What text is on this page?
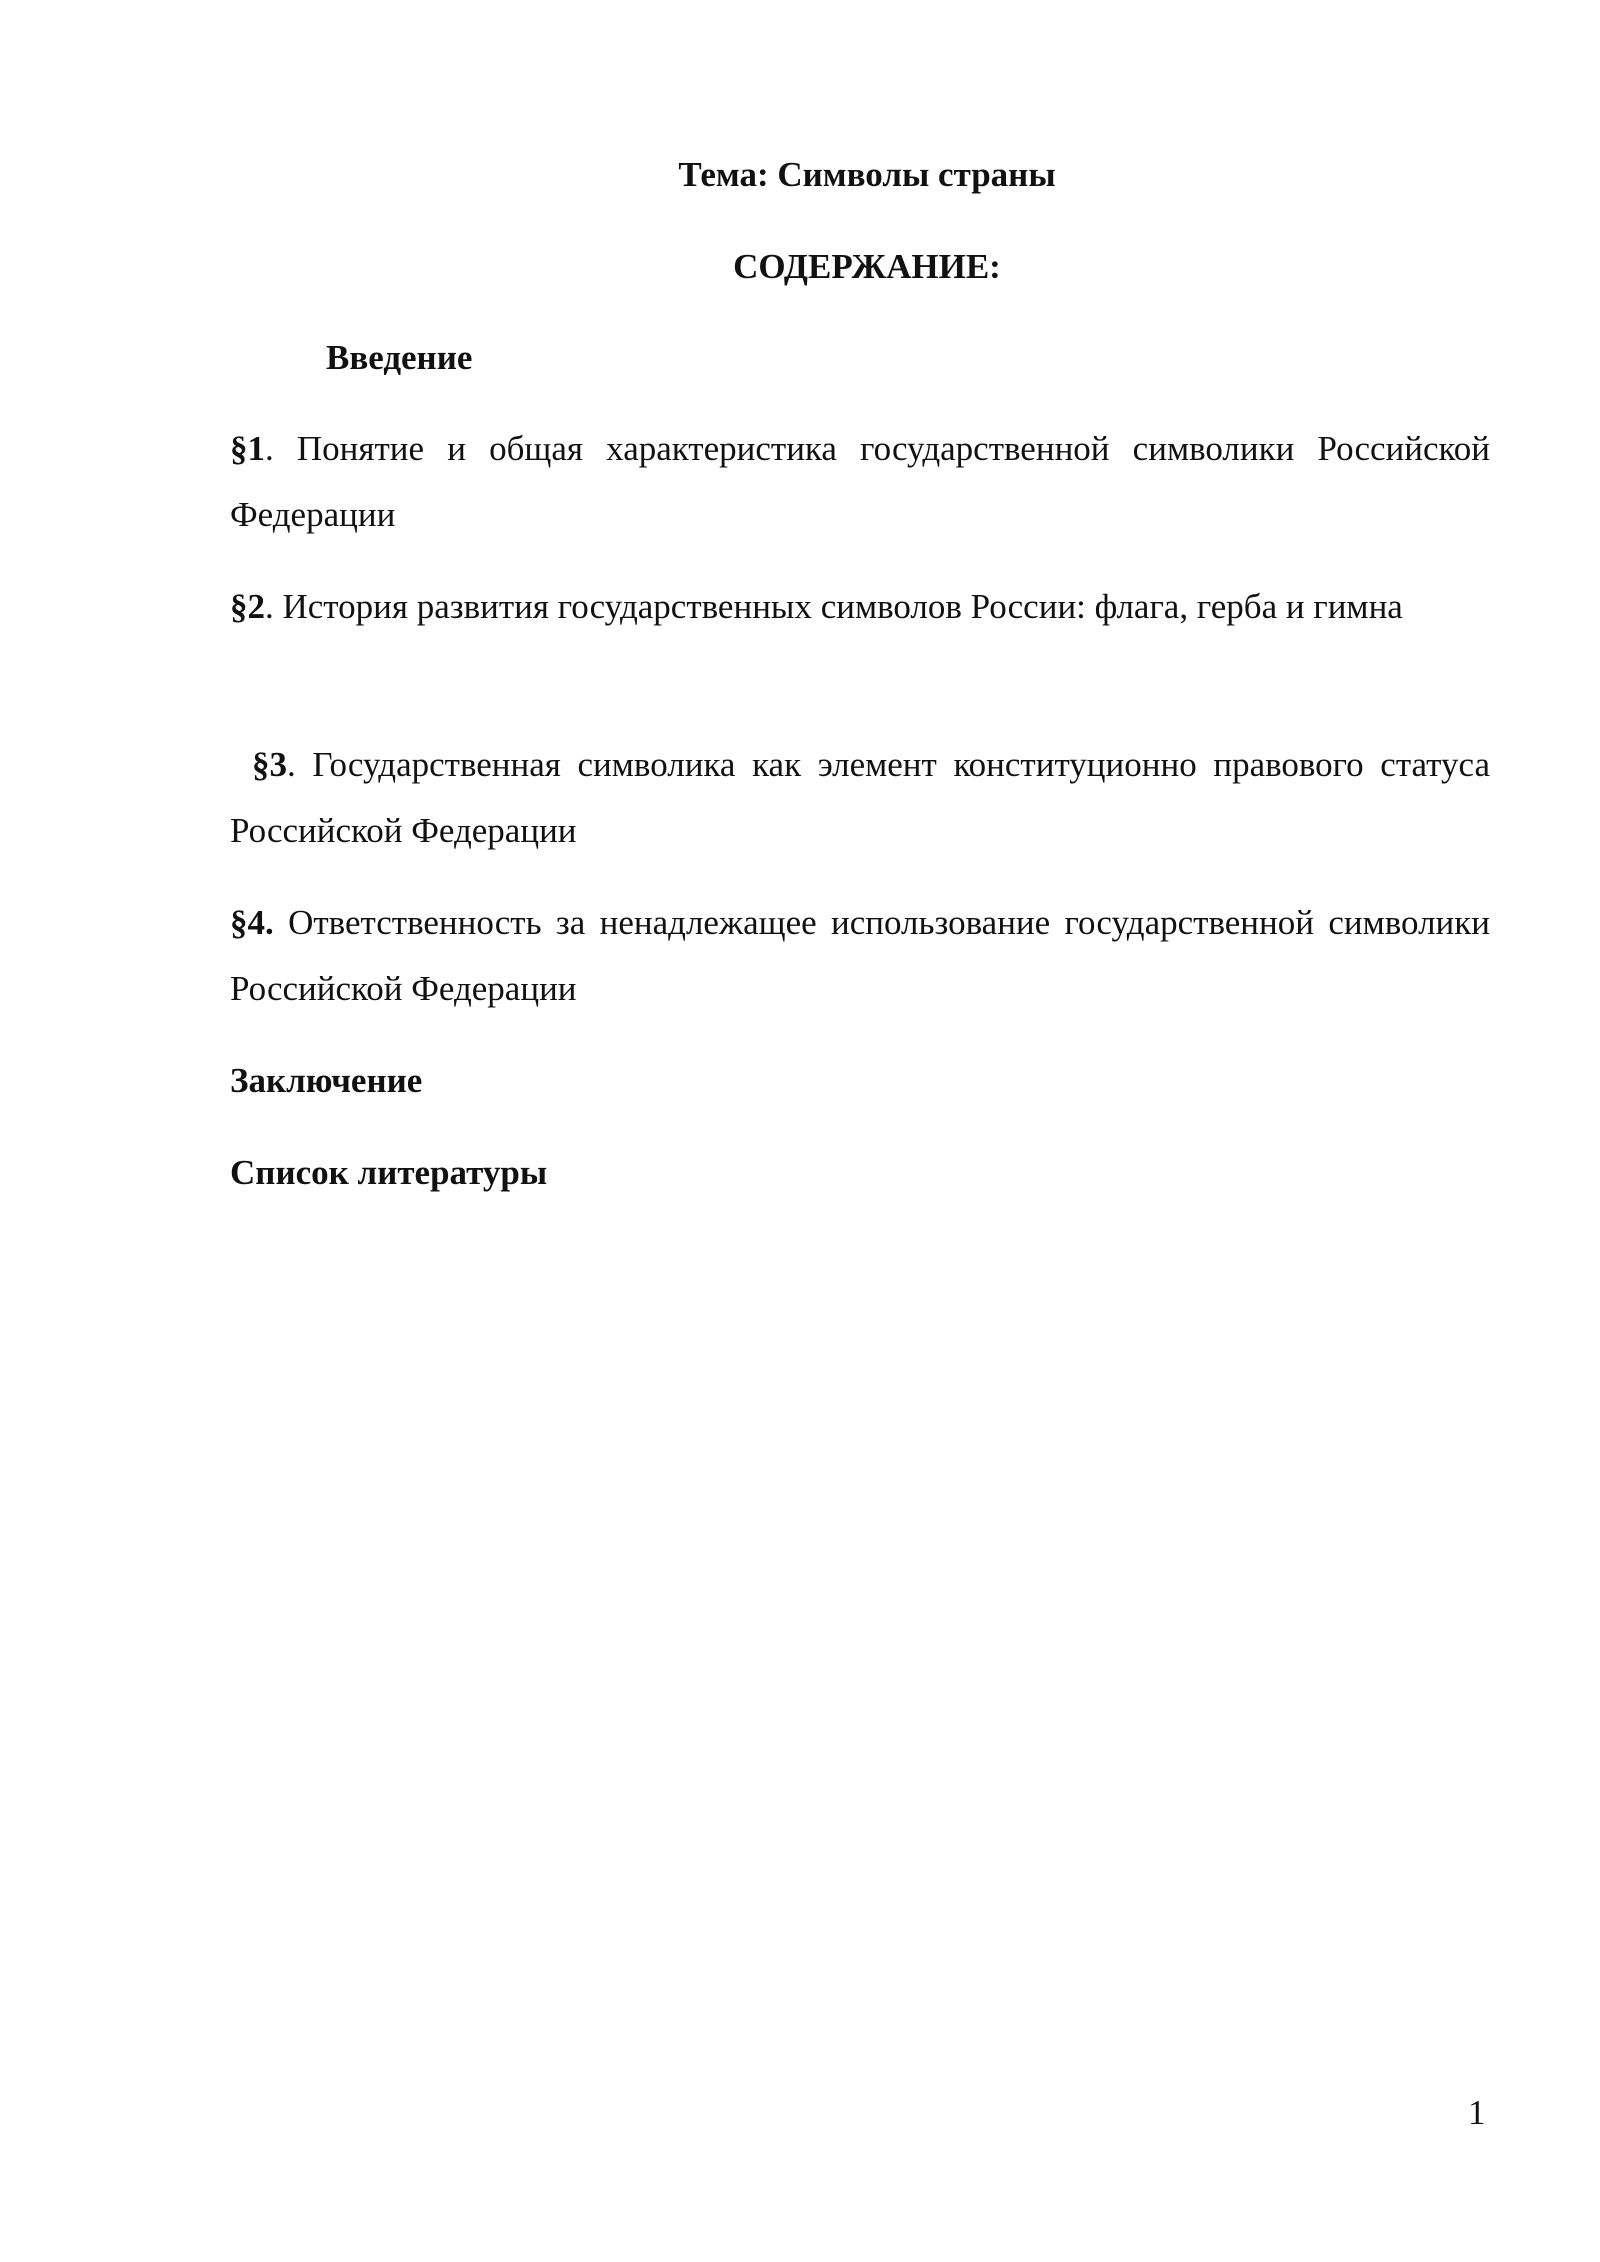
Тема: Символы страны
СОДЕРЖАНИЕ:
Введение
§1. Понятие и общая характеристика государственной символики Российской Федерации
§2. История развития государственных символов России: флага, герба и гимна
§3. Государственная символика как элемент конституционно правового статуса Российской Федерации
§4. Ответственность за ненадлежащее использование государственной символики Российской Федерации
Заключение
Список литературы
1
